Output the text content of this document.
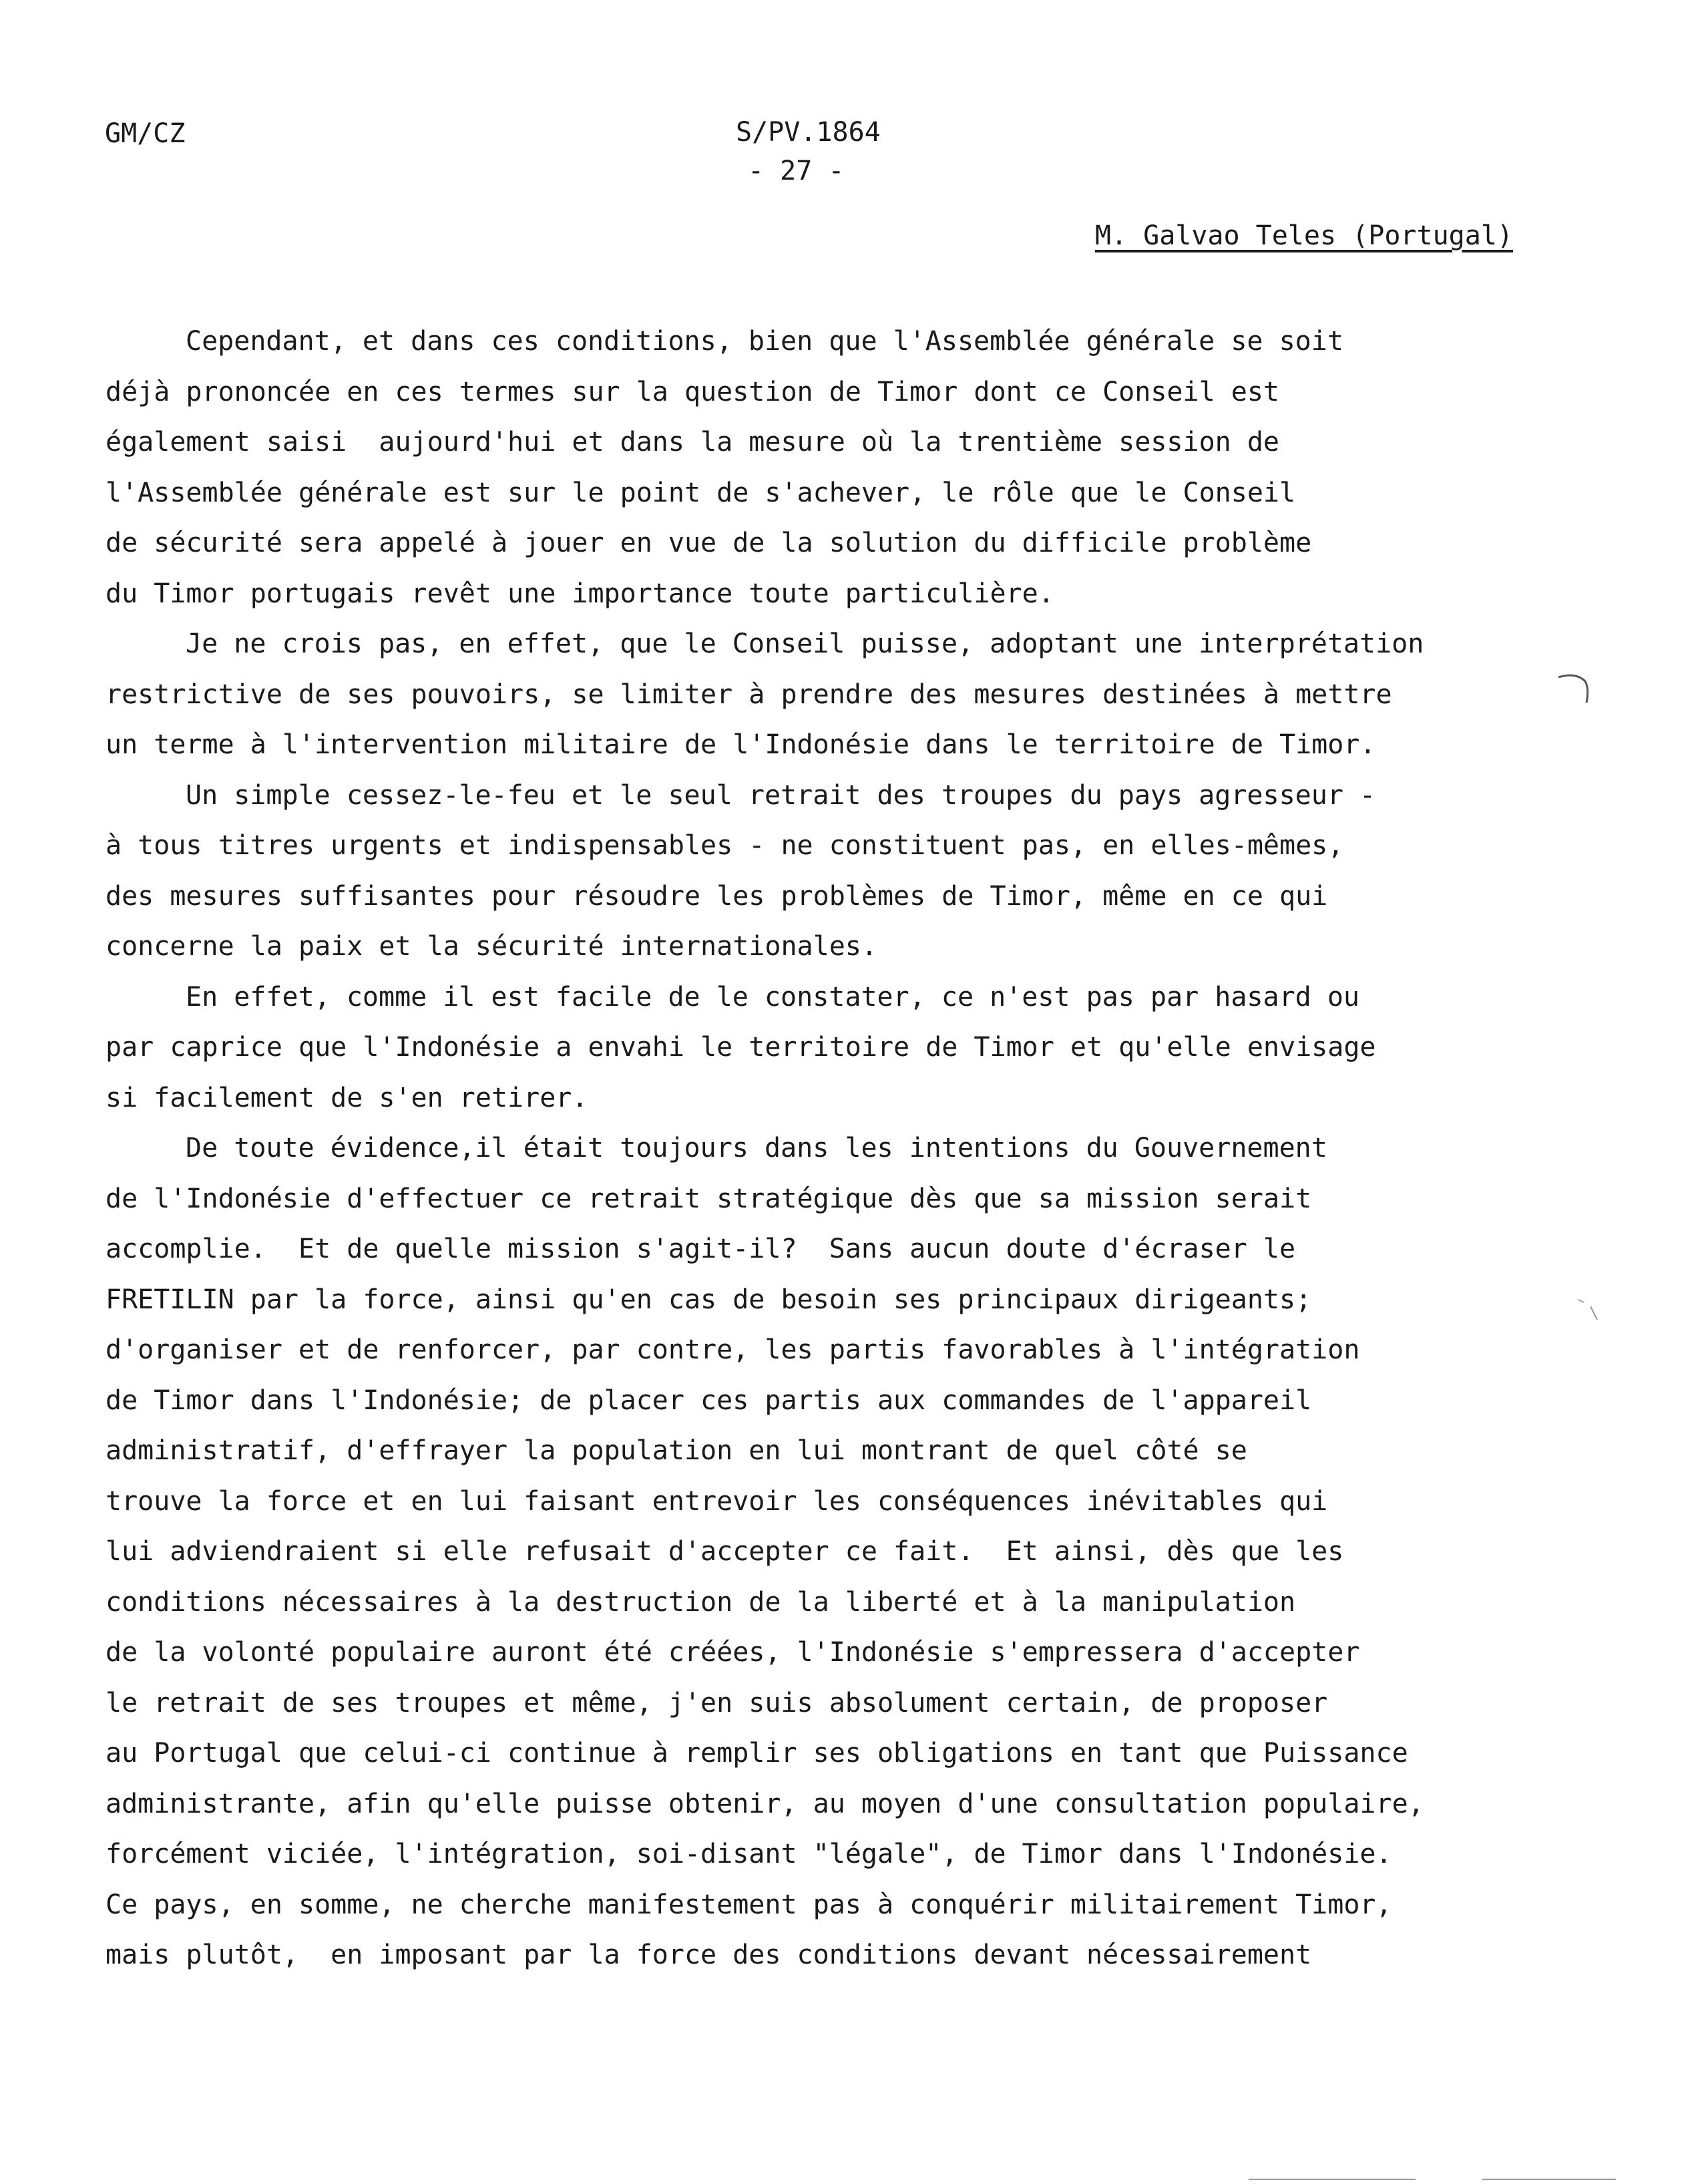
GM/CZ	S/PV.1864
- 27 -
M. Galvao Teles (Portugal)
Cependant, et dans ces conditions, bien que l'Assemblée générale se soit
déjà prononcée en ces termes sur la question de Timor dont ce Conseil est
également saisi  aujourd'hui et dans la mesure où la trentième session de
l'Assemblée générale est sur le point de s'achever, le rôle que le Conseil
de sécurité sera appelé à jouer en vue de la solution du difficile problème
du Timor portugais revêt une importance toute particulière.
Je ne crois pas, en effet, que le Conseil puisse, adoptant une interprétation
restrictive de ses pouvoirs, se limiter à prendre des mesures destinées à mettre
un terme à l'intervention militaire de l'Indonésie dans le territoire de Timor.
Un simple cessez-le-feu et le seul retrait des troupes du pays agresseur -
à tous titres urgents et indispensables - ne constituent pas, en elles-mêmes,
des mesures suffisantes pour résoudre les problèmes de Timor, même en ce qui
concerne la paix et la sécurité internationales.
En effet, comme il est facile de le constater, ce n'est pas par hasard ou
par caprice que l'Indonésie a envahi le territoire de Timor et qu'elle envisage
si facilement de s'en retirer.
De toute évidence,il était toujours dans les intentions du Gouvernement
de l'Indonésie d'effectuer ce retrait stratégique dès que sa mission serait
accomplie.  Et de quelle mission s'agit-il?  Sans aucun doute d'écraser le
FRETILIN par la force, ainsi qu'en cas de besoin ses principaux dirigeants;
d'organiser et de renforcer, par contre, les partis favorables à l'intégration
de Timor dans l'Indonésie; de placer ces partis aux commandes de l'appareil
administratif, d'effrayer la population en lui montrant de quel côté se
trouve la force et en lui faisant entrevoir les conséquences inévitables qui
lui adviendraient si elle refusait d'accepter ce fait.  Et ainsi, dès que les
conditions nécessaires à la destruction de la liberté et à la manipulation
de la volonté populaire auront été créées, l'Indonésie s'empressera d'accepter
le retrait de ses troupes et même, j'en suis absolument certain, de proposer
au Portugal que celui-ci continue à remplir ses obligations en tant que Puissance
administrante, afin qu'elle puisse obtenir, au moyen d'une consultation populaire,
forcément viciée, l'intégration, soi-disant "légale", de Timor dans l'Indonésie.
Ce pays, en somme, ne cherche manifestement pas à conquérir militairement Timor,
mais plutôt,  en imposant par la force des conditions devant nécessairement
